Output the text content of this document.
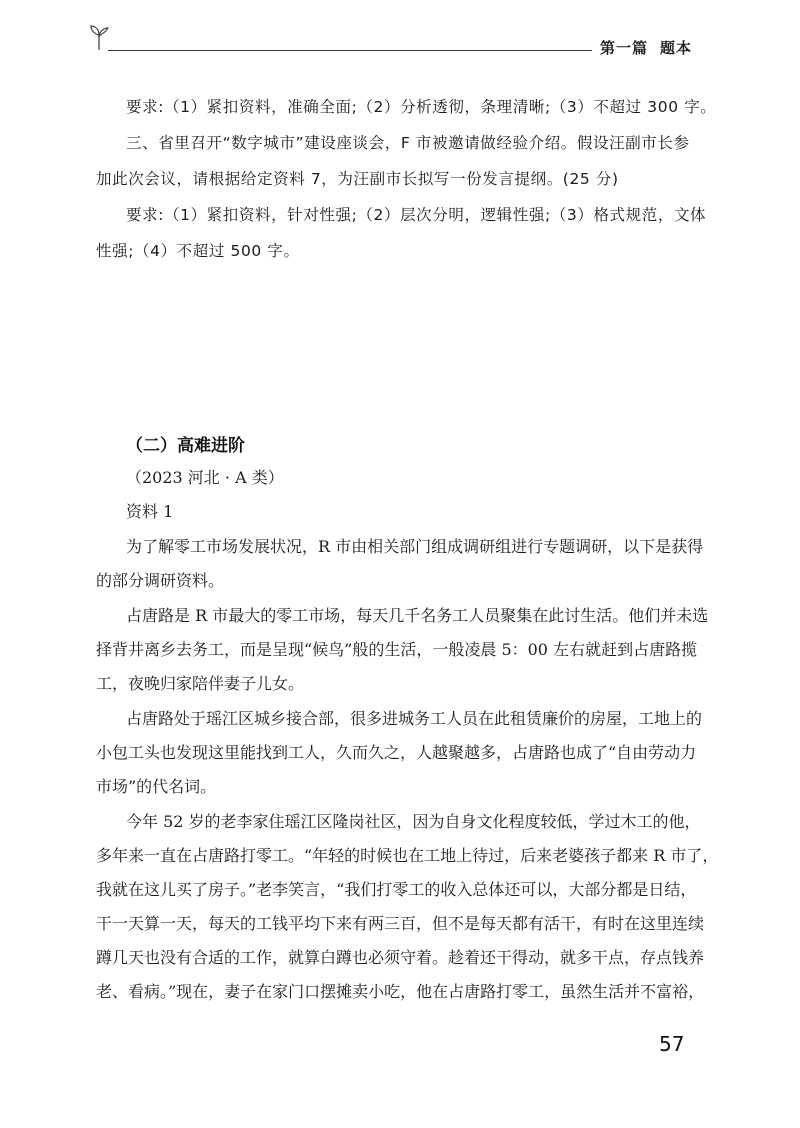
第一篇 题本
要求:（1）紧扣资料，准确全面;（2）分析透彻，条理清晰;（3）不超过 300 字。
三、省里召开“数字城市”建设座谈会，F 市被邀请做经验介绍。假设汪副市长参
加此次会议，请根据给定资料 7，为汪副市长拟写一份发言提纲。(25 分)
要求:（1）紧扣资料，针对性强;（2）层次分明，逻辑性强;（3）格式规范，文体
性强;（4）不超过 500 字。
（二）高难进阶
（2023 河北 · A 类）
资料 1
为了解零工市场发展状况，R 市由相关部门组成调研组进行专题调研，以下是获得
的部分调研资料。
占唐路是 R 市最大的零工市场，每天几千名务工人员聚集在此讨生活。他们并未选
择背井离乡去务工，而是呈现“候鸟”般的生活，一般凌晨 5：00 左右就赶到占唐路揽
工，夜晚归家陪伴妻子儿女。
占唐路处于瑶江区城乡接合部，很多进城务工人员在此租赁廉价的房屋，工地上的
小包工头也发现这里能找到工人，久而久之，人越聚越多，占唐路也成了“自由劳动力
市场”的代名词。
今年 52 岁的老李家住瑶江区隆岗社区，因为自身文化程度较低，学过木工的他，
多年来一直在占唐路打零工。“年轻的时候也在工地上待过，后来老婆孩子都来 R 市了，
我就在这儿买了房子。”老李笑言，“我们打零工的收入总体还可以，大部分都是日结，
干一天算一天，每天的工钱平均下来有两三百，但不是每天都有活干，有时在这里连续
蹲几天也没有合适的工作，就算白蹲也必须守着。趁着还干得动，就多干点，存点钱养
老、看病。”现在，妻子在家门口摆摊卖小吃，他在占唐路打零工，虽然生活并不富裕，
57
